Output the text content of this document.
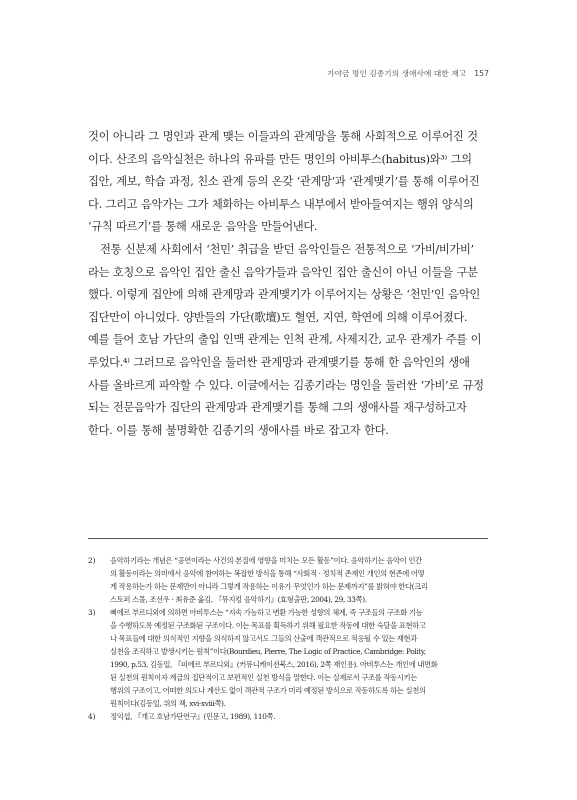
가야금 명인 김종기의 생애사에 대한 재고 157
것이 아니라 그 명인과 관계 맺는 이들과의 관계망을 통해 사회적으로 이루어진 것
이다. 산조의 음악실천은 하나의 유파를 만든 명인의 아비투스(habitus)와³⁾ 그의
집안, 계보, 학습 과정, 친소 관계 등의 온갖 ‘관계망’과 ‘관계맺기’를 통해 이루어진
다. 그리고 음악가는 그가 체화하는 아비투스 내부에서 받아들여지는 행위 양식의
‘규칙 따르기’를 통해 새로운 음악을 만들어낸다.
전통 신분제 사회에서 ‘천민’ 취급을 받던 음악인들은 전통적으로 ‘가비/비가비’
라는 호칭으로 음악인 집안 출신 음악가들과 음악인 집안 출신이 아닌 이들을 구분
했다. 이렇게 집안에 의해 관계망과 관계맺기가 이루어지는 상황은 ‘천민’인 음악인
집단만이 아니었다. 양반들의 가단(歌壇)도 혈연, 지연, 학연에 의해 이루어졌다.
예를 들어 호남 가단의 출입 인맥 관계는 인척 관계, 사제지간, 교우 관계가 주를 이
루었다.⁴⁾ 그러므로 음악인을 둘러싼 관계망과 관계맺기를 통해 한 음악인의 생애
사를 올바르게 파악할 수 있다. 이글에서는 김종기라는 명인을 둘러싼 ‘가비’로 규정
되는 전문음악가 집단의 관계망과 관계맺기를 통해 그의 생애사를 재구성하고자
한다. 이를 통해 불명확한 김종기의 생애사를 바로 잡고자 한다.
2)	음악하기라는 개념은 “공연이라는 사건의 본질에 영향을 미치는 모든 활동”이다. 음악하기는 음악이 인간
의 활동이라는 의미에서 음악에 참여하는 복잡한 방식을 통해 “사회적 · 정치적 존재인 개인의 현존에 어떻
게 작용하는가 하는 문제만이 아니라 그렇게 작용하는 이유가 무엇인가 하는 문제까지”를 밝혀야 한다(크리
스토퍼 스몰, 조선우 · 최유준 옮김, 『뮤지킹 음악하기』(효형출판, 2004), 29, 33쪽).
3)	삐에르 부르디외에 의하면 아비투스는 “지속 가능하고 변환 가능한 성향의 체계, 즉 구조들의 구조화 기능
을 수행하도록 예정된 구조화된 구조이다. 이는 목표를 획득하기 위해 필요한 작동에 대한 숙달을 표현하고
나 목표들에 대한 의식적인 지향을 의식하지 않고서도 그들의 산출에 객관적으로 적응될 수 있는 재현과
실천을 조직하고 발생시키는 원칙”이다(Bourdieu, Pierre, The Logic of Practice, Cambridge: Polity,
1990, p.53, 김동일, 『피에르 부르디외』(커뮤니케이션북스, 2016), 2쪽 재인용). 아비투스는 개인에 내면화
된 실천의 원칙이자 계급의 집단적이고 보편적인 실천 방식을 말한다. 이는 실제로서 구조를 작동시키는
행위의 구조이고, 어떠한 의도나 계산도 없이 객관적 구조가 미리 예정된 방식으로 작동하도록 하는 실천의
원칙이다(김동일, 위의 책, xvi-xviii쪽).
4)	정익섭, 『개고 호남가단연구』(민문고, 1989), 110쪽.
